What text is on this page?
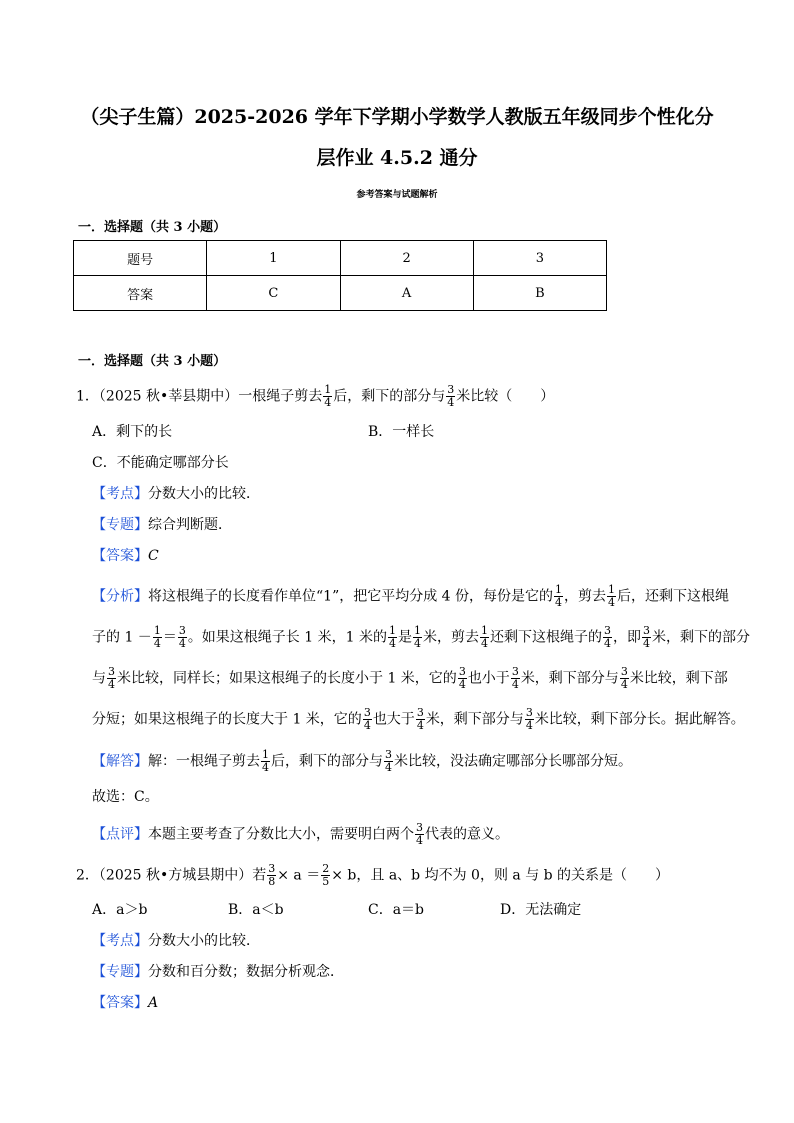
（尖子生篇）2025-2026 学年下学期小学数学人教版五年级同步个性化分
层作业 4.5.2 通分
参考答案与试题解析
一．选择题（共 3 小题）
题号	1	2	3
答案	C	A	B
一．选择题（共 3 小题）
1．（2025 秋•莘县期中）一根绳子剪去 $\frac{1}{4}$ 后，剩下的部分与 $\frac{3}{4}$ 米比较（　　）
A．剩下的长	B．一样长
C．不能确定哪部分长
【考点】分数大小的比较．
【专题】综合判断题．
【答案】C
【分析】将这根绳子的长度看作单位“1”，把它平均分成 4 份，每份是它的 $\frac{1}{4}$ ，剪去 $\frac{1}{4}$ 后，还剩下这根绳
子的 $1 - \frac{1}{4} = \frac{3}{4}$ 。如果这根绳子长 1 米，1 米的 $\frac{1}{4}$ 是 $\frac{1}{4}$ 米，剪去 $\frac{1}{4}$ 还剩下这根绳子的 $\frac{3}{4}$ ，即 $\frac{3}{4}$ 米，剩下的部分
与 $\frac{3}{4}$ 米比较，同样长；如果这根绳子的长度小于 1 米，它的 $\frac{3}{4}$ 也小于 $\frac{3}{4}$ 米，剩下部分与 $\frac{3}{4}$ 米比较，剩下部
分短；如果这根绳子的长度大于 1 米，它的 $\frac{3}{4}$ 也大于 $\frac{3}{4}$ 米，剩下部分与 $\frac{3}{4}$ 米比较，剩下部分长。据此解答。
【解答】解：一根绳子剪去 $\frac{1}{4}$ 后，剩下的部分与 $\frac{3}{4}$ 米比较，没法确定哪部分长哪部分短。
故选：C。
【点评】本题主要考查了分数比大小，需要明白两个 $\frac{3}{4}$ 代表的意义。
2．（2025 秋•方城县期中）若 $\frac{3}{8} \times a = \frac{2}{5} \times b$，且 a、b 均不为 0，则 a 与 b 的关系是（　　）
A．a＞b	B．a＜b	C．a＝b	D．无法确定
【考点】分数大小的比较．
【专题】分数和百分数；数据分析观念．
【答案】A
